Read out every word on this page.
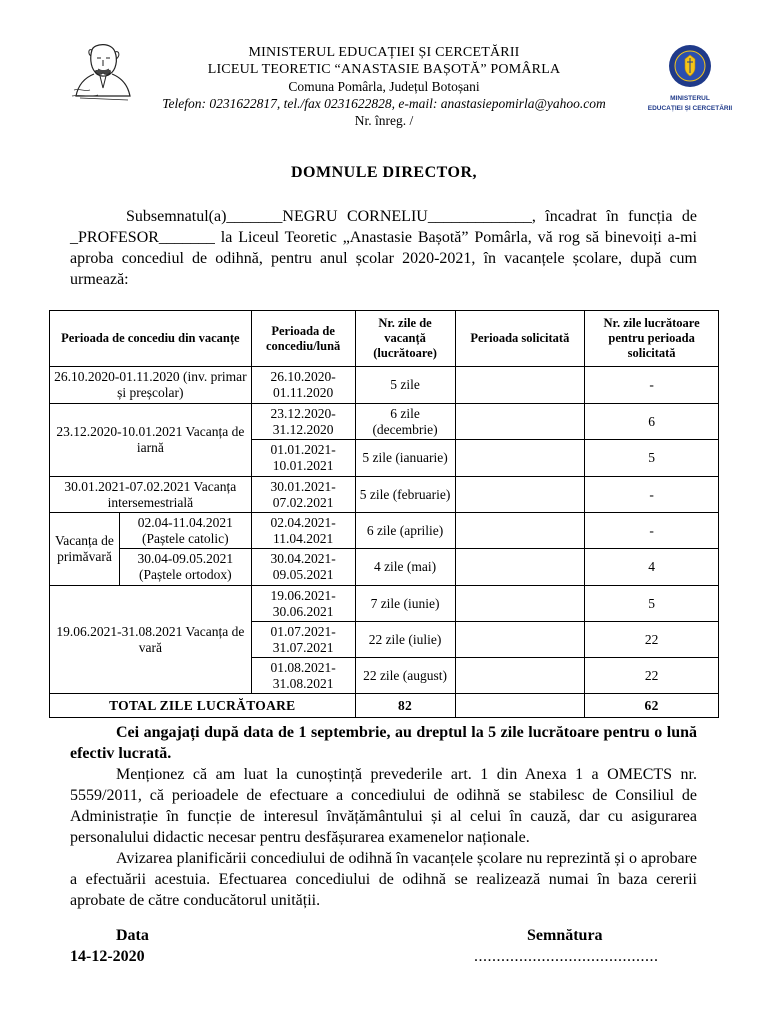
MINISTERUL EDUCAȚIEI ȘI CERCETĂRII
LICEUL TEORETIC “ANASTASIE BAȘOTĂ” POMÂRLA
Comuna Pomârla, Județul Botoșani
Telefon: 0231622817, tel./fax 0231622828, e-mail: anastasiepomirla@yahoo.com
Nr. înreg. /
MINISTERUL
EDUCAȚIEI ȘI CERCETĂRII
DOMNULE DIRECTOR,

Subsemnatul(a)_______NEGRU CORNELIU_____________, încadrat în funcția de _PROFESOR_______ la Liceul Teoretic „Anastasie Bașotă” Pomârla, vă rog să binevoiți a-mi aproba concediul de odihnă, pentru anul școlar 2020-2021, în vacanțele școlare, după cum urmează:

Perioada de concediu din vacanțe		Perioada de concediu/lună	Nr. zile de vacanță (lucrătoare)	Perioada solicitată	Nr. zile lucrătoare pentru perioada solicitată
26.10.2020-01.11.2020 (inv. primar și preșcolar)		26.10.2020-01.11.2020	5 zile		-
23.12.2020-10.01.2021 Vacanța de iarnă		23.12.2020-31.12.2020	6 zile (decembrie)		6
		01.01.2021-10.01.2021	5 zile (ianuarie)		5
30.01.2021-07.02.2021 Vacanța intersemestrială		30.01.2021-07.02.2021	5 zile (februarie)		-
Vacanța de primăvară	02.04-11.04.2021 (Paștele catolic)	02.04.2021-11.04.2021	6 zile (aprilie)		-
	30.04-09.05.2021 (Paștele ortodox)	30.04.2021-09.05.2021	4 zile (mai)		4
19.06.2021-31.08.2021 Vacanța de vară		19.06.2021-30.06.2021	7 zile (iunie)		5
		01.07.2021-31.07.2021	22 zile (iulie)		22
		01.08.2021-31.08.2021	22 zile (august)		22
TOTAL ZILE LUCRĂTOARE			82		62

Cei angajați după data de 1 septembrie, au dreptul la 5 zile lucrătoare pentru o lună efectiv lucrată.

Menționez că am luat la cunoștință prevederile art. 1 din Anexa 1 a OMECTS nr. 5559/2011, că perioadele de efectuare a concediului de odihnă se stabilesc de Consiliul de Administrație în funcție de interesul învățământului și al celui în cauză, dar cu asigurarea personalului didactic necesar pentru desfășurarea examenelor naționale.

Avizarea planificării concediului de odihnă în vacanțele școlare nu reprezintă și o aprobare a efectuării acestuia. Efectuarea concediului de odihnă se realizează numai în baza cererii aprobate de către conducătorul unității.

Data
14-12-2020
Semnătura
.........................................
